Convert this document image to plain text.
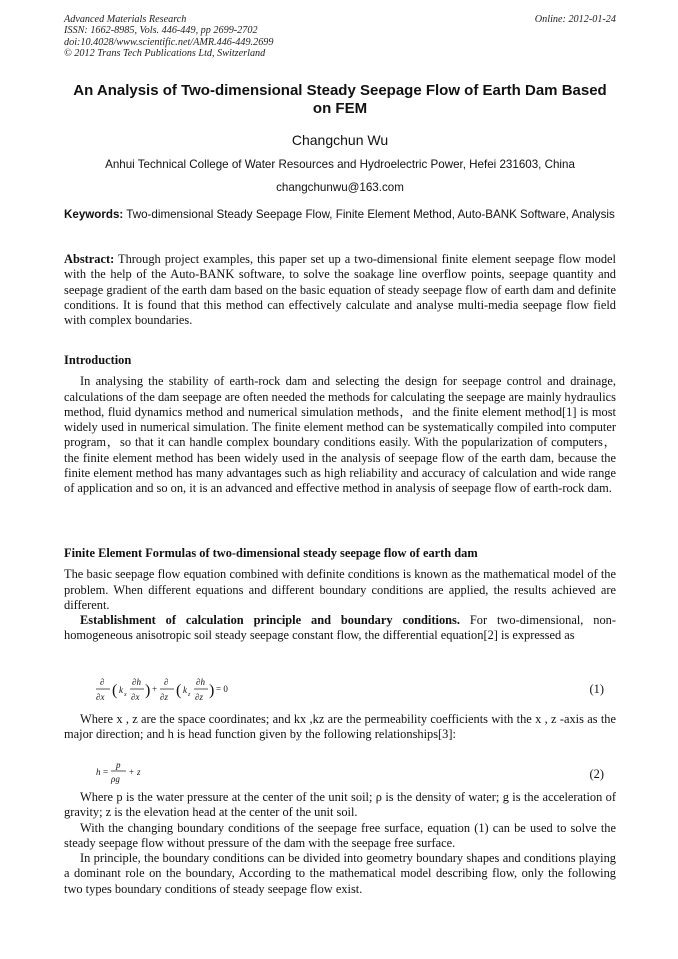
Advanced Materials Research
ISSN: 1662-8985, Vols. 446-449, pp 2699-2702
doi:10.4028/www.scientific.net/AMR.446-449.2699
© 2012 Trans Tech Publications Ltd, Switzerland
Online: 2012-01-24
An Analysis of Two-dimensional Steady Seepage Flow of Earth Dam Based on FEM
Changchun Wu
Anhui Technical College of Water Resources and Hydroelectric Power, Hefei 231603, China
changchunwu@163.com
Keywords: Two-dimensional Steady Seepage Flow, Finite Element Method, Auto-BANK Software, Analysis

Abstract: Through project examples, this paper set up a two-dimensional finite element seepage flow model with the help of the Auto-BANK software, to solve the soakage line overflow points, seepage quantity and seepage gradient of the earth dam based on the basic equation of steady seepage flow of earth dam and definite conditions. It is found that this method can effectively calculate and analyse multi-media seepage flow field with complex boundaries.

Introduction

In analysing the stability of earth-rock dam and selecting the design for seepage control and drainage, calculations of the dam seepage are often needed the methods for calculating the seepage are mainly hydraulics method, fluid dynamics method and numerical simulation methods，and the finite element method[1] is most widely used in numerical simulation. The finite element method can be systematically compiled into computer program，so that it can handle complex boundary conditions easily. With the popularization of computers，the finite element method has been widely used in the analysis of seepage flow of the earth dam, because the finite element method has many advantages such as high reliability and accuracy of calculation and wide range of application and so on, it is an advanced and effective method in analysis of seepage flow of earth-rock dam.

Finite Element Formulas of two-dimensional steady seepage flow of earth dam

The basic seepage flow equation combined with definite conditions is known as the mathematical model of the problem. When different equations and different boundary conditions are applied, the results achieved are different.

Establishment of calculation principle and boundary conditions. For two-dimensional, non-homogeneous anisotropic soil steady seepage constant flow, the differential equation[2] is expressed as

∂
∂x ( k x
∂h
∂x ) +
∂
∂z ( k z
∂h
∂z ) = 0	(1)

Where x , z are the space coordinates; and kx ,kz are the permeability coefficients with the x , z -axis as the major direction; and h is head function given by the following relationships[3]:

h =
p
ρg
+ z	(2)

Where p is the water pressure at the center of the unit soil; ρ is the density of water; g is the acceleration of gravity; z is the elevation head at the center of the unit soil.

With the changing boundary conditions of the seepage free surface, equation (1) can be used to solve the steady seepage flow without pressure of the dam with the seepage free surface.

In principle, the boundary conditions can be divided into geometry boundary shapes and conditions playing a dominant role on the boundary, According to the mathematical model describing flow, only the following two types boundary conditions of steady seepage flow exist.
